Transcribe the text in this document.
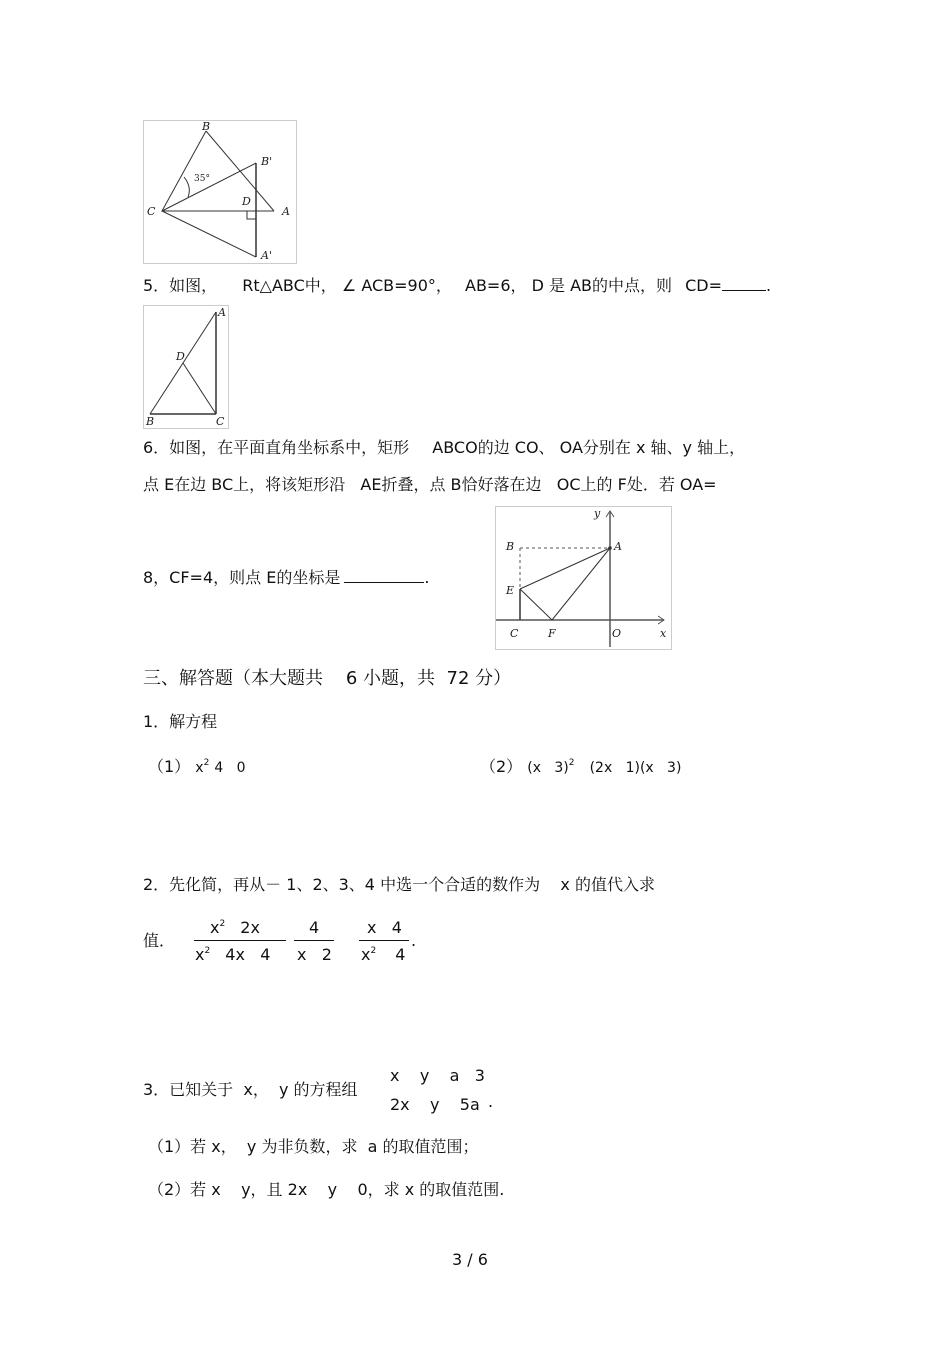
B
B'
35°
C
D
A
A'
5．如图， Rt△ABC中， ∠ ACB=90°， AB=6， D 是 AB的中点，则 CD=	.
A
D
B	C
6．如图，在平面直角坐标系中，矩形 ABCO的边 CO、 OA分别在 x 轴、y 轴上，
点 E在边 BC上，将该矩形沿   AE折叠，点 B恰好落在边   OC上的 F处．若 OA=
8，CF=4，则点 E的坐标是	.
y
B	A
E
C	F	O	x
三、解答题（本大题共    6 小题，共  72 分）
1．解方程
（1） $x^2$ 4   0	（2） (x   3)$^2$ (2x   1)(x   3)
2．先化简，再从－ 1、2、3、4 中选一个合适的数作为    x 的值代入求
值．
$x^2$ 2x
$x^2$ 4x   4
4
x   2
x   4
$x^2$ 4
.
3．已知关于  x，  y 的方程组
x    y    a   3
2x    y    5a .
（1）若 x，  y 为非负数，求  a 的取值范围；
（2）若 x    y，且 2x    y    0，求 x 的取值范围.
3 / 6
